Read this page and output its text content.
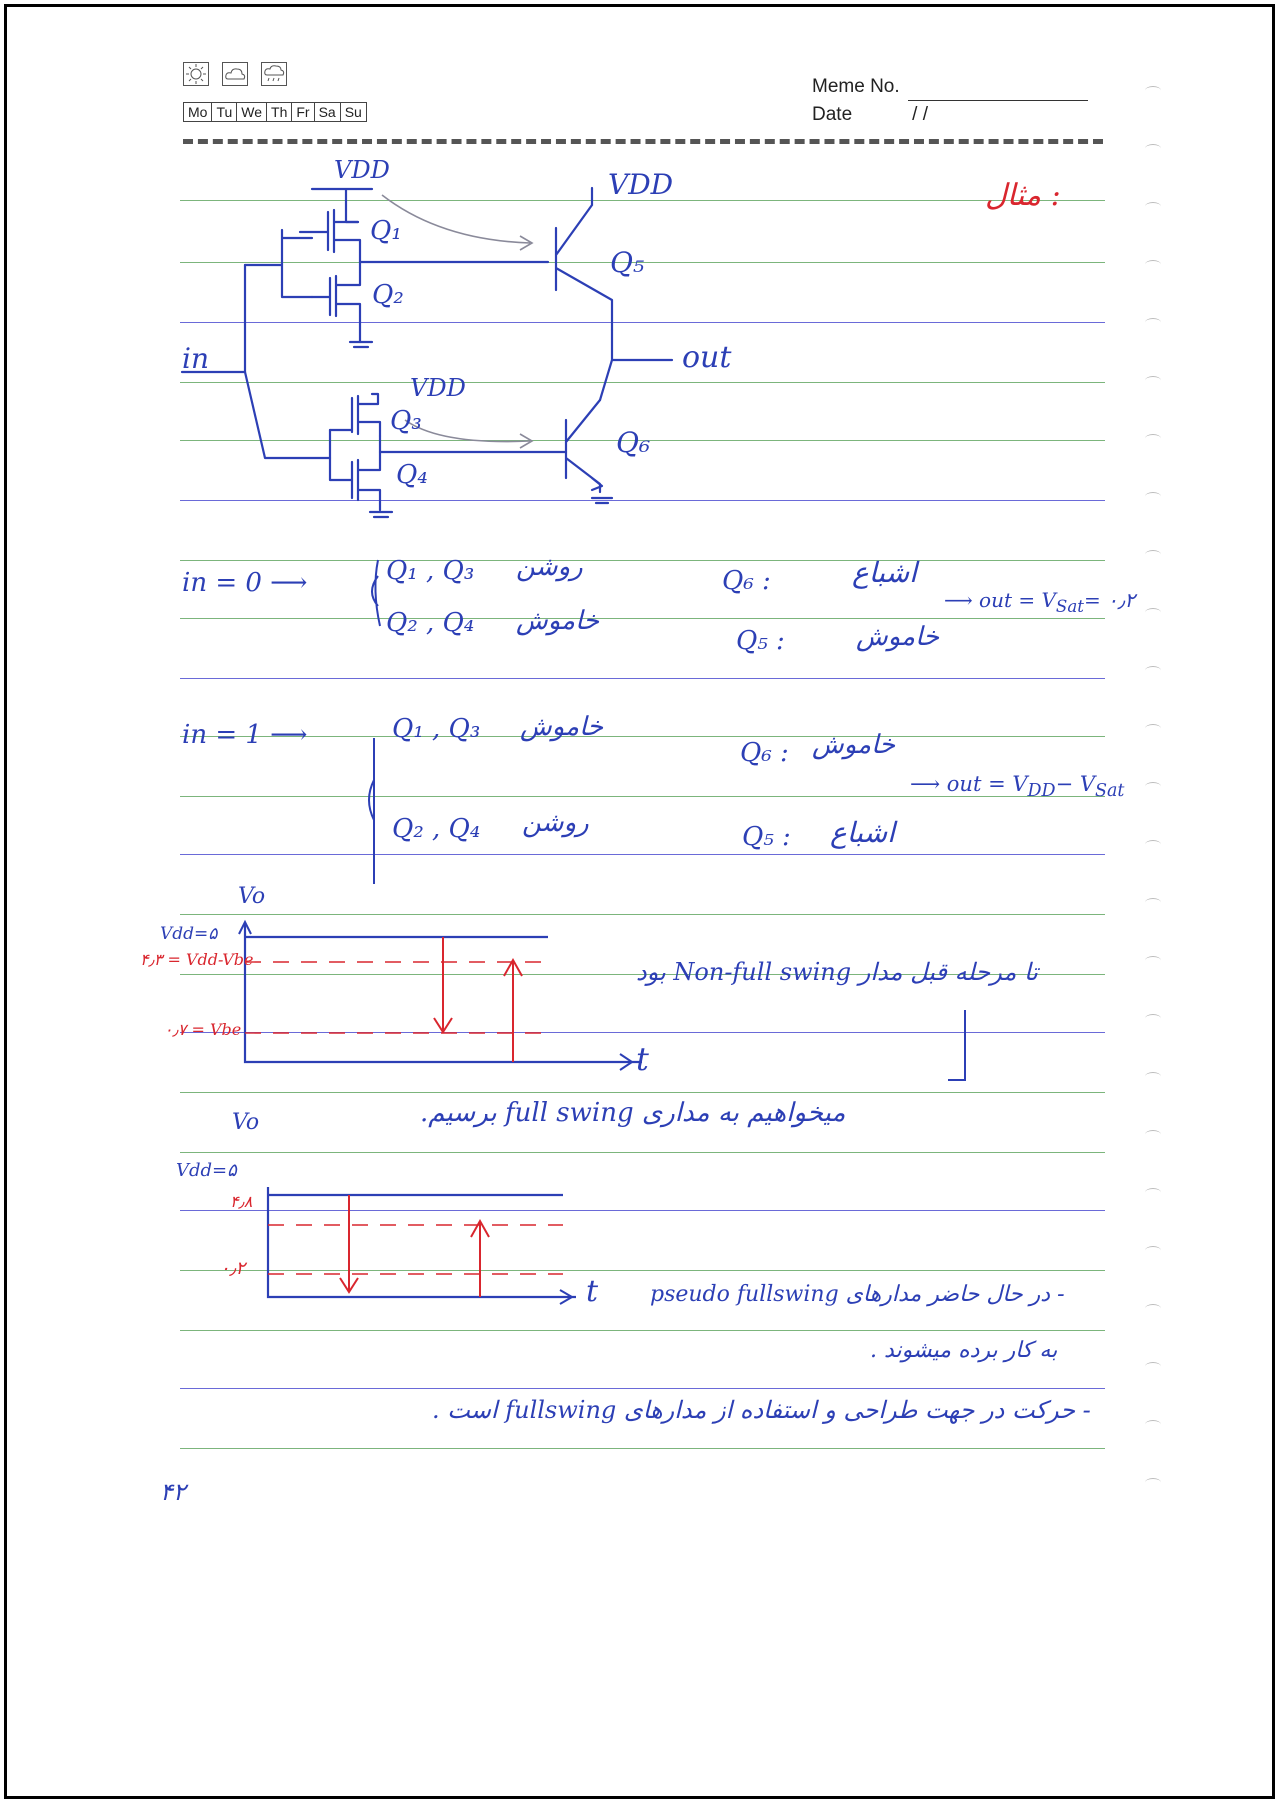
Mo Tu We Th Fr Sa Su
Meme No.
Date	/ /
VDD	VDD
VDD
Q₁
Q₂
Q₃
Q₄
Q₅
Q₆
in	out
مثال :
in = 0 ⟶	Q₁ , Q₃ روشن
Q₂ , Q₄ خاموش
Q₆ :	اشباع
Q₅ :	خاموش
⟶ out = $V_{Sat}=$ ۰٫۲
in = 1 ⟶	Q₁ , Q₃ خاموش
Q₂ , Q₄ روشن
Q₆ : خاموش
Q₅ : اشباع
⟶ out = $V_{DD}- V_{Sat}$
Vo
t
Vdd=۵
۴٫۳ = Vdd-Vbe
۰٫۷ = Vbe
تا مرحله قبل مدار Non-full swing بود
میخواهیم به مداری full swing برسیم.
Vo
t
Vdd=۵
۴٫۸
۰٫۲
- در حال حاضر مدارهای pseudo fullswing
به کار برده میشوند .
- حرکت در جهت طراحی و استفاده از مدارهای fullswing است .
۴۲
